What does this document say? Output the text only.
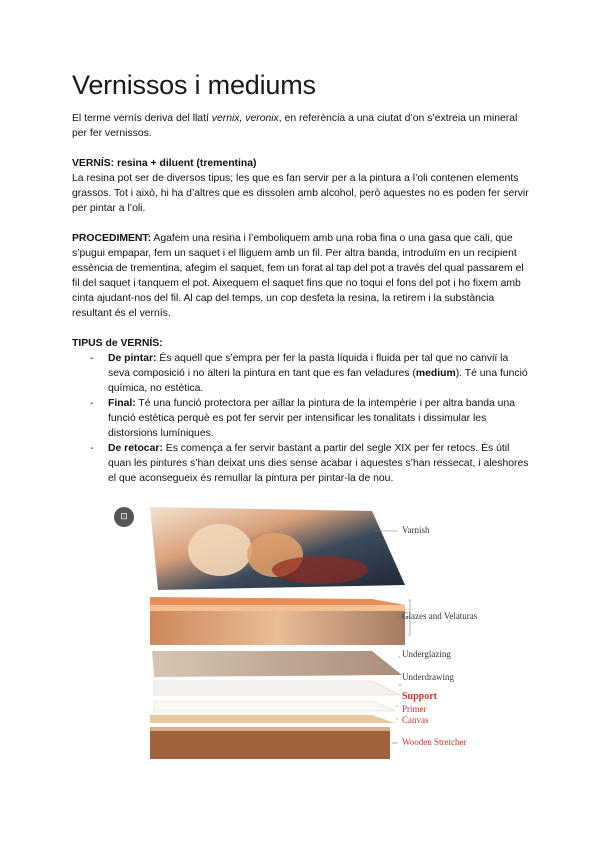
Vernissos i mediums

El terme vernís deriva del llatí vernix, veronix, en referència a una ciutat d’on s’extreia un mineral per fer vernissos.

VERNÍS: resina + diluent (trementina)

La resina pot ser de diversos tipus; les que es fan servir per a la pintura a l’oli contenen elements grassos. Tot i això, hi ha d’altres que es dissolen amb alcohol, però aquestes no es poden fer servir per pintar a l’oli.

PROCEDIMENT: Agafem una resina i l’emboliquem amb una roba fina o una gasa que cali, que s’pugui empapar, fem un saquet i el lliguem amb un fil. Per altra banda, introduïm en un recipient essència de trementina, afegim el saquet, fem un forat al tap del pot a través del qual passarem el fil del saquet i tanquem el pot. Aixequem el saquet fins que no toqui el fons del pot i ho fixem amb cinta ajudant-nos del fil. Al cap del temps, un cop desfeta la resina, la retirem i la substància resultant és el vernís.

TIPUS de VERNÍS:

- De pintar: És aquell que s’empra per fer la pasta líquida i fluida per tal que no canviï la seva composició i no alteri la pintura en tant que es fan veladures (medium). Té una funció química, no estètica.
- Final: Té una funció protectora per aïllar la pintura de la intempèrie i per altra banda una funció estètica perquè es pot fer servir per intensificar les tonalitats i dissimular les distorsions lumíniques.
- De retocar: Es comença a fer servir bastant a partir del segle XIX per fer retocs. És útil quan les pintures s’han deixat uns dies sense acabar i aquestes s’han ressecat, i aleshores el que aconsegueix és remullar la pintura per pintar-la de nou.
⊡
Varnish
Glazes and Velaturas
Underglazing
Underdrawing
Support
Primer
Canvas
Wooden Stretcher
